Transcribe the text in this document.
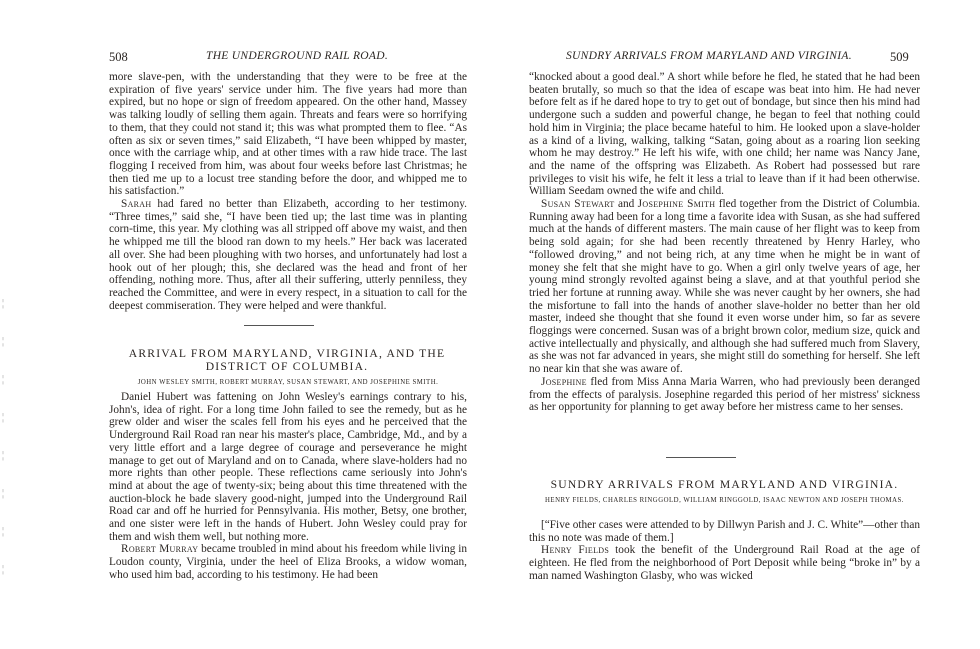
¦
¦
¦
¦
¦
¦
¦
¦
508	THE UNDERGROUND RAIL ROAD.

more slave-pen, with the understanding that they were to be free at the expiration of five years' service under him. The five years had more than expired, but no hope or sign of freedom appeared. On the other hand, Massey was talking loudly of selling them again. Threats and fears were so horrifying to them, that they could not stand it; this was what prompted them to flee. “As often as six or seven times,” said Elizabeth, “I have been whipped by master, once with the carriage whip, and at other times with a raw hide trace. The last flogging I received from him, was about four weeks before last Christmas; he then tied me up to a locust tree standing before the door, and whipped me to his satisfaction.”

Sarah had fared no better than Elizabeth, according to her testimony. “Three times,” said she, “I have been tied up; the last time was in planting corn-time, this year. My clothing was all stripped off above my waist, and then he whipped me till the blood ran down to my heels.” Her back was lacerated all over. She had been ploughing with two horses, and unfortunately had lost a hook out of her plough; this, she declared was the head and front of her offending, nothing more. Thus, after all their suffering, utterly penniless, they reached the Committee, and were in every respect, in a situation to call for the deepest commiseration. They were helped and were thankful.

ARRIVAL FROM MARYLAND, VIRGINIA, AND THE DISTRICT OF COLUMBIA.
JOHN WESLEY SMITH, ROBERT MURRAY, SUSAN STEWART, AND JOSEPHINE SMITH.

Daniel Hubert was fattening on John Wesley's earnings contrary to his, John's, idea of right. For a long time John failed to see the remedy, but as he grew older and wiser the scales fell from his eyes and he perceived that the Underground Rail Road ran near his master's place, Cambridge, Md., and by a very little effort and a large degree of courage and perseverance he might manage to get out of Maryland and on to Canada, where slave-holders had no more rights than other people. These reflections came seriously into John's mind at about the age of twenty-six; being about this time threatened with the auction-block he bade slavery good-night, jumped into the Underground Rail Road car and off he hurried for Pennsylvania. His mother, Betsy, one brother, and one sister were left in the hands of Hubert. John Wesley could pray for them and wish them well, but nothing more.

Robert Murray became troubled in mind about his freedom while living in Loudon county, Virginia, under the heel of Eliza Brooks, a widow woman, who used him bad, according to his testimony. He had been

SUNDRY ARRIVALS FROM MARYLAND AND VIRGINIA.	509

“knocked about a good deal.” A short while before he fled, he stated that he had been beaten brutally, so much so that the idea of escape was beat into him. He had never before felt as if he dared hope to try to get out of bondage, but since then his mind had undergone such a sudden and powerful change, he began to feel that nothing could hold him in Virginia; the place became hateful to him. He looked upon a slave-holder as a kind of a living, walking, talking “Satan, going about as a roaring lion seeking whom he may destroy.” He left his wife, with one child; her name was Nancy Jane, and the name of the offspring was Elizabeth. As Robert had possessed but rare privileges to visit his wife, he felt it less a trial to leave than if it had been otherwise. William Seedam owned the wife and child.

Susan Stewart and Josephine Smith fled together from the District of Columbia. Running away had been for a long time a favorite idea with Susan, as she had suffered much at the hands of different masters. The main cause of her flight was to keep from being sold again; for she had been recently threatened by Henry Harley, who “followed droving,” and not being rich, at any time when he might be in want of money she felt that she might have to go. When a girl only twelve years of age, her young mind strongly revolted against being a slave, and at that youthful period she tried her fortune at running away. While she was never caught by her owners, she had the misfortune to fall into the hands of another slave-holder no better than her old master, indeed she thought that she found it even worse under him, so far as severe floggings were concerned. Susan was of a bright brown color, medium size, quick and active intellectually and physically, and although she had suffered much from Slavery, as she was not far advanced in years, she might still do something for herself. She left no near kin that she was aware of.

Josephine fled from Miss Anna Maria Warren, who had previously been deranged from the effects of paralysis. Josephine regarded this period of her mistress' sickness as her opportunity for planning to get away before her mistress came to her senses.

SUNDRY ARRIVALS FROM MARYLAND AND VIRGINIA.
HENRY FIELDS, CHARLES RINGGOLD, WILLIAM RINGGOLD, ISAAC NEWTON AND JOSEPH THOMAS.

[“Five other cases were attended to by Dillwyn Parish and J. C. White”—other than this no note was made of them.]

Henry Fields took the benefit of the Underground Rail Road at the age of eighteen. He fled from the neighborhood of Port Deposit while being “broke in” by a man named Washington Glasby, who was wicked
